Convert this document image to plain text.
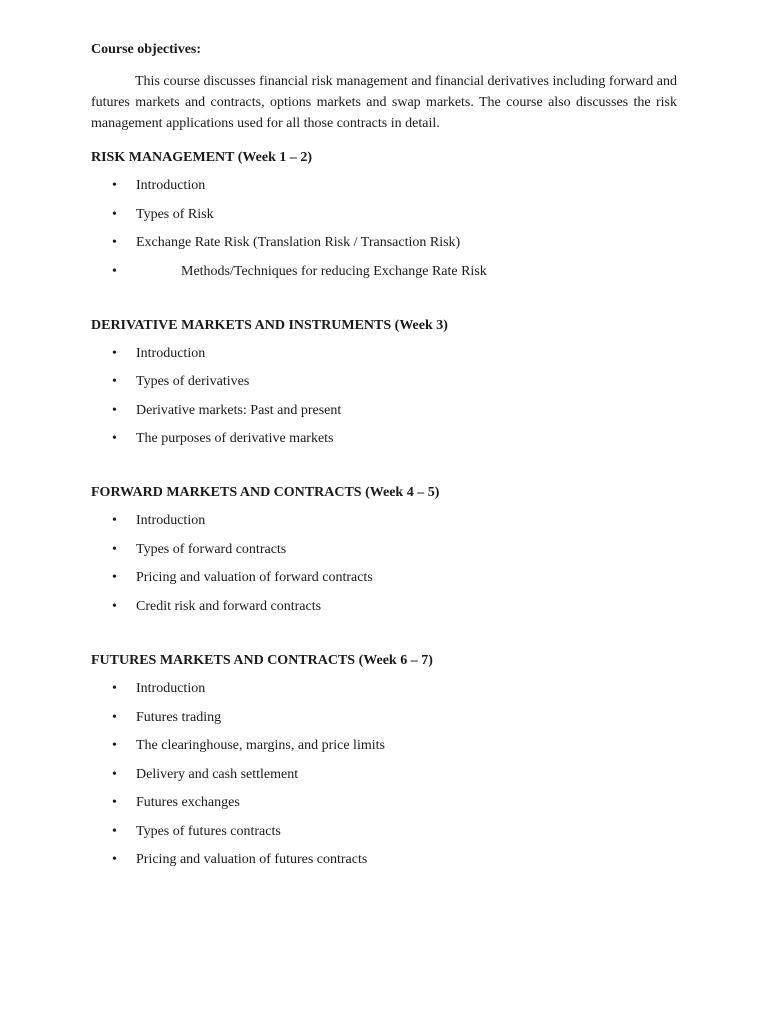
Course objectives:
This course discusses financial risk management and financial derivatives including forward and futures markets and contracts, options markets and swap markets. The course also discusses the risk management applications used for all those contracts in detail.
RISK MANAGEMENT (Week 1 – 2)
• Introduction
• Types of Risk
• Exchange Rate Risk (Translation Risk / Transaction Risk)
•	Methods/Techniques for reducing Exchange Rate Risk
DERIVATIVE MARKETS AND INSTRUMENTS (Week 3)
• Introduction
• Types of derivatives
• Derivative markets: Past and present
• The purposes of derivative markets
FORWARD MARKETS AND CONTRACTS (Week 4 – 5)
• Introduction
• Types of forward contracts
• Pricing and valuation of forward contracts
• Credit risk and forward contracts
FUTURES MARKETS AND CONTRACTS (Week 6 – 7)
• Introduction
• Futures trading
• The clearinghouse, margins, and price limits
• Delivery and cash settlement
• Futures exchanges
• Types of futures contracts
• Pricing and valuation of futures contracts
